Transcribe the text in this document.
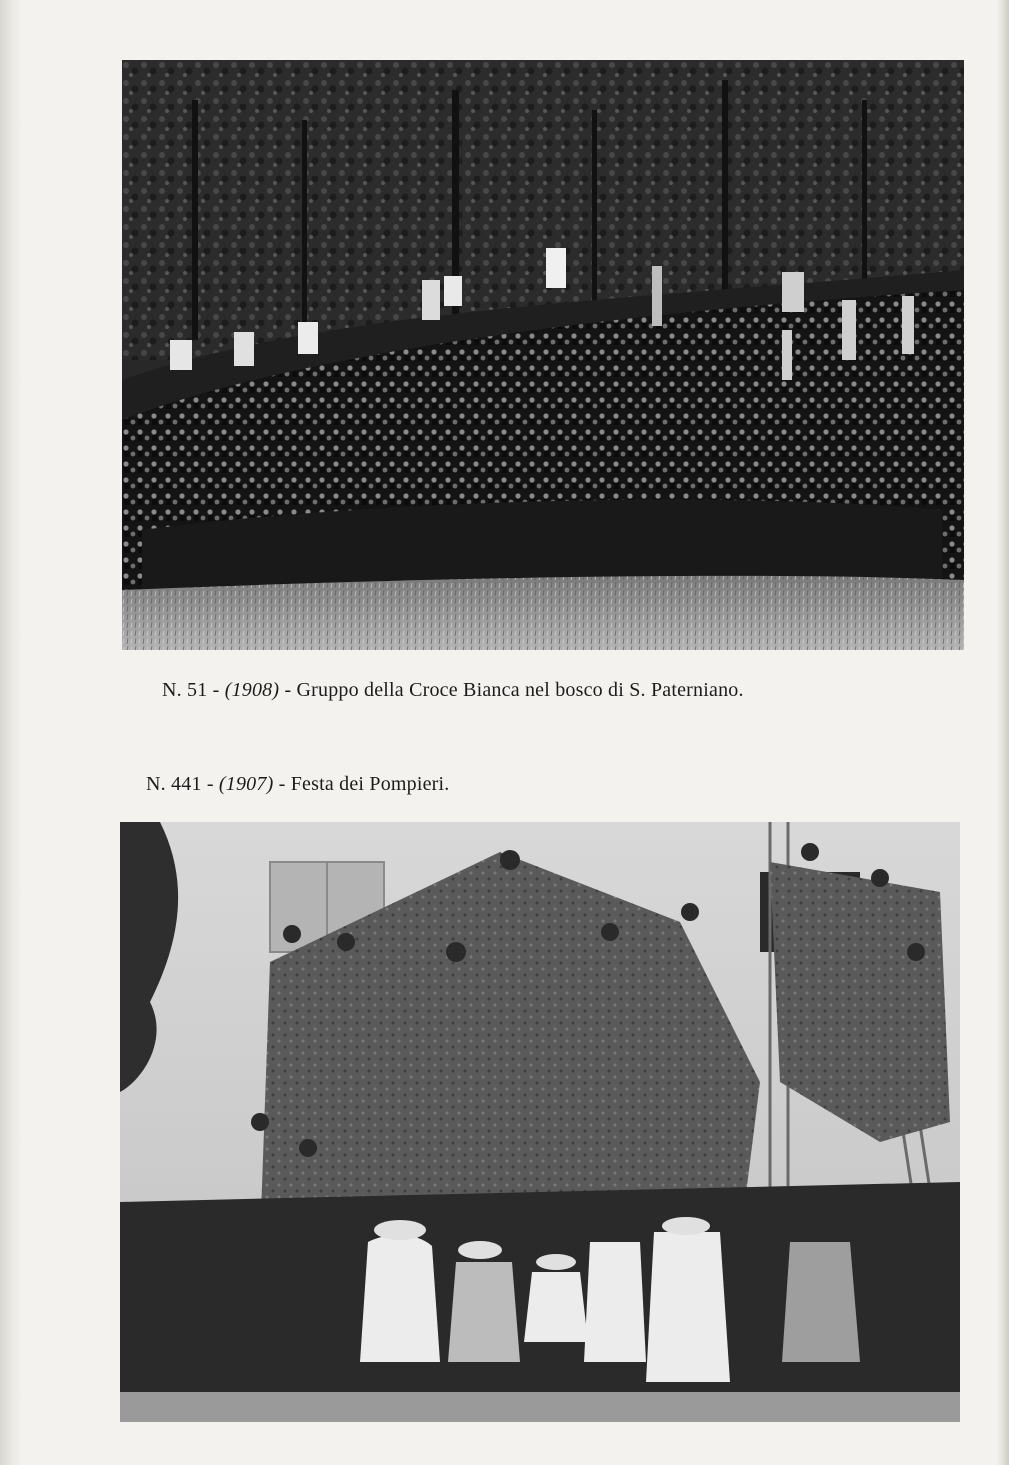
N. 51 - (1908) - Gruppo della Croce Bianca nel bosco di S. Paterniano.
N. 441 - (1907) - Festa dei Pompieri.
